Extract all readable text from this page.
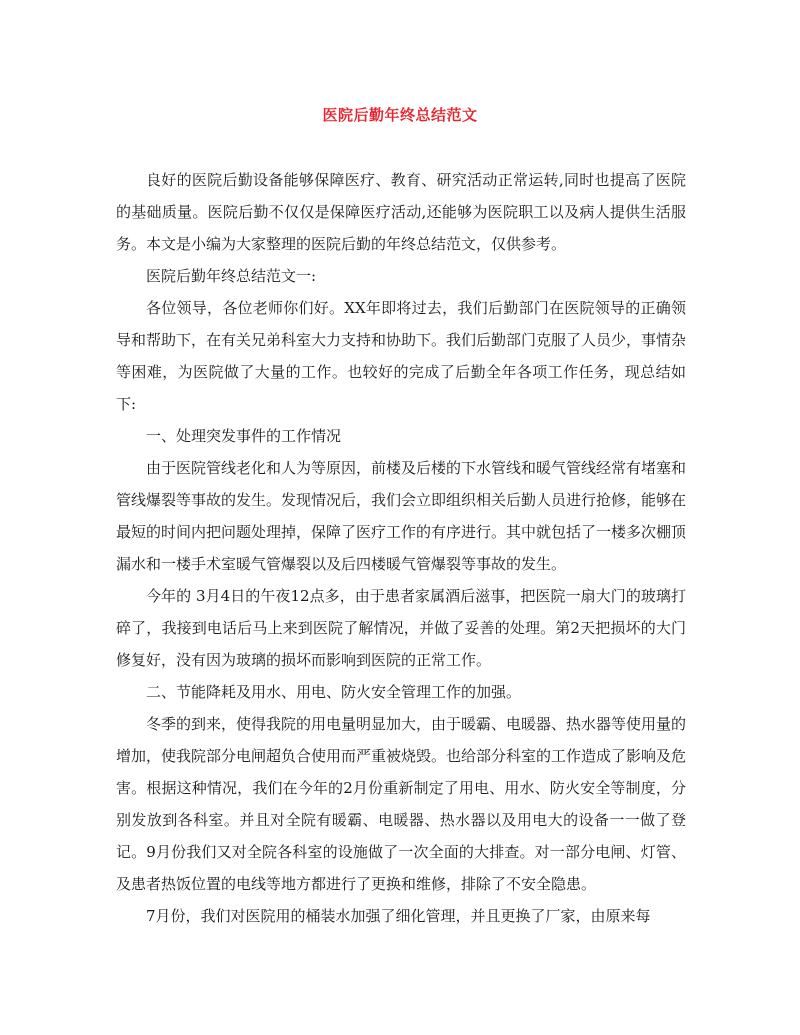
医院后勤年终总结范文

良好的医院后勤设备能够保障医疗、教育、研究活动正常运转,同时也提高了医院的基础质量。医院后勤不仅仅是保障医疗活动,还能够为医院职工以及病人提供生活服务。本文是小编为大家整理的医院后勤的年终总结范文，仅供参考。

医院后勤年终总结范文一:

各位领导，各位老师你们好。XX年即将过去，我们后勤部门在医院领导的正确领导和帮助下，在有关兄弟科室大力支持和协助下。我们后勤部门克服了人员少，事情杂等困难，为医院做了大量的工作。也较好的完成了后勤全年各项工作任务，现总结如下:

一、处理突发事件的工作情况

由于医院管线老化和人为等原因，前楼及后楼的下水管线和暖气管线经常有堵塞和管线爆裂等事故的发生。发现情况后，我们会立即组织相关后勤人员进行抢修，能够在最短的时间内把问题处理掉，保障了医疗工作的有序进行。其中就包括了一楼多次棚顶漏水和一楼手术室暖气管爆裂以及后四楼暖气管爆裂等事故的发生。

今年的 3月4日的午夜12点多，由于患者家属酒后滋事，把医院一扇大门的玻璃打碎了，我接到电话后马上来到医院了解情况，并做了妥善的处理。第2天把损坏的大门修复好，没有因为玻璃的损坏而影响到医院的正常工作。

二、节能降耗及用水、用电、防火安全管理工作的加强。

冬季的到来，使得我院的用电量明显加大，由于暖霸、电暖器、热水器等使用量的增加，使我院部分电闸超负合使用而严重被烧毁。也给部分科室的工作造成了影响及危害。根据这种情况，我们在今年的2月份重新制定了用电、用水、防火安全等制度，分别发放到各科室。并且对全院有暖霸、电暖器、热水器以及用电大的设备一一做了登记。9月份我们又对全院各科室的设施做了一次全面的大排查。对一部分电闸、灯管、及患者热饭位置的电线等地方都进行了更换和维修，排除了不安全隐患。

7月份，我们对医院用的桶装水加强了细化管理，并且更换了厂家，由原来每
